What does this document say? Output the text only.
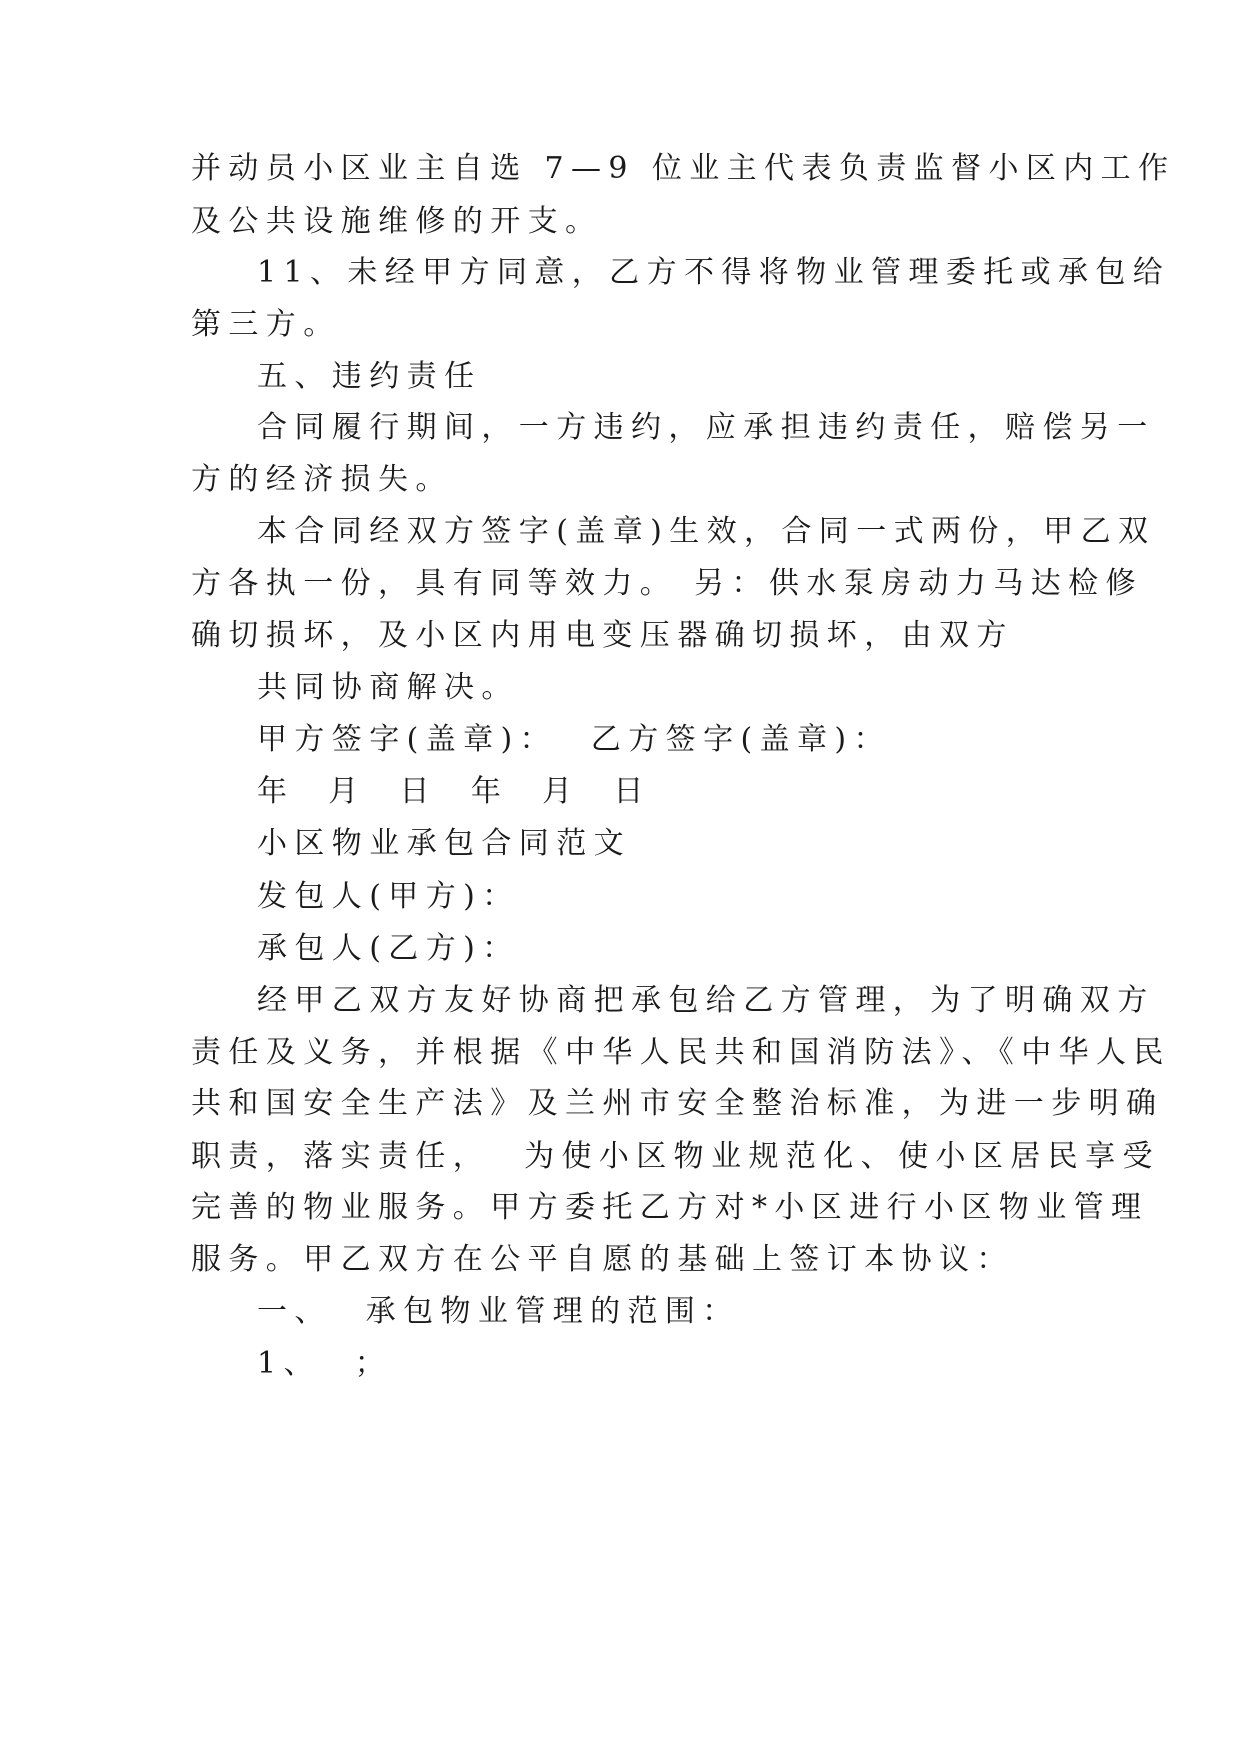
并动员小区业主自选 7—9 位业主代表负责监督小区内工作
及公共设施维修的开支。
11、未经甲方同意，乙方不得将物业管理委托或承包给
第三方。
五、违约责任
合同履行期间，一方违约，应承担违约责任，赔偿另一
方的经济损失。
本合同经双方签字(盖章)生效，合同一式两份，甲乙双
方各执一份，具有同等效力。 另：供水泵房动力马达检修
确切损坏，及小区内用电变压器确切损坏，由双方
共同协商解决。
甲方签字(盖章)：  乙方签字(盖章)：
年  月  日  年  月  日
小区物业承包合同范文
发包人(甲方)：
承包人(乙方)：
经甲乙双方友好协商把承包给乙方管理，为了明确双方
责任及义务，并根据《中华人民共和国消防法》、《中华人民
共和国安全生产法》及兰州市安全整治标准，为进一步明确
职责，落实责任，  为使小区物业规范化、使小区居民享受
完善的物业服务。甲方委托乙方对*小区进行小区物业管理
服务。甲乙双方在公平自愿的基础上签订本协议：
一、  承包物业管理的范围：
1、  ；
